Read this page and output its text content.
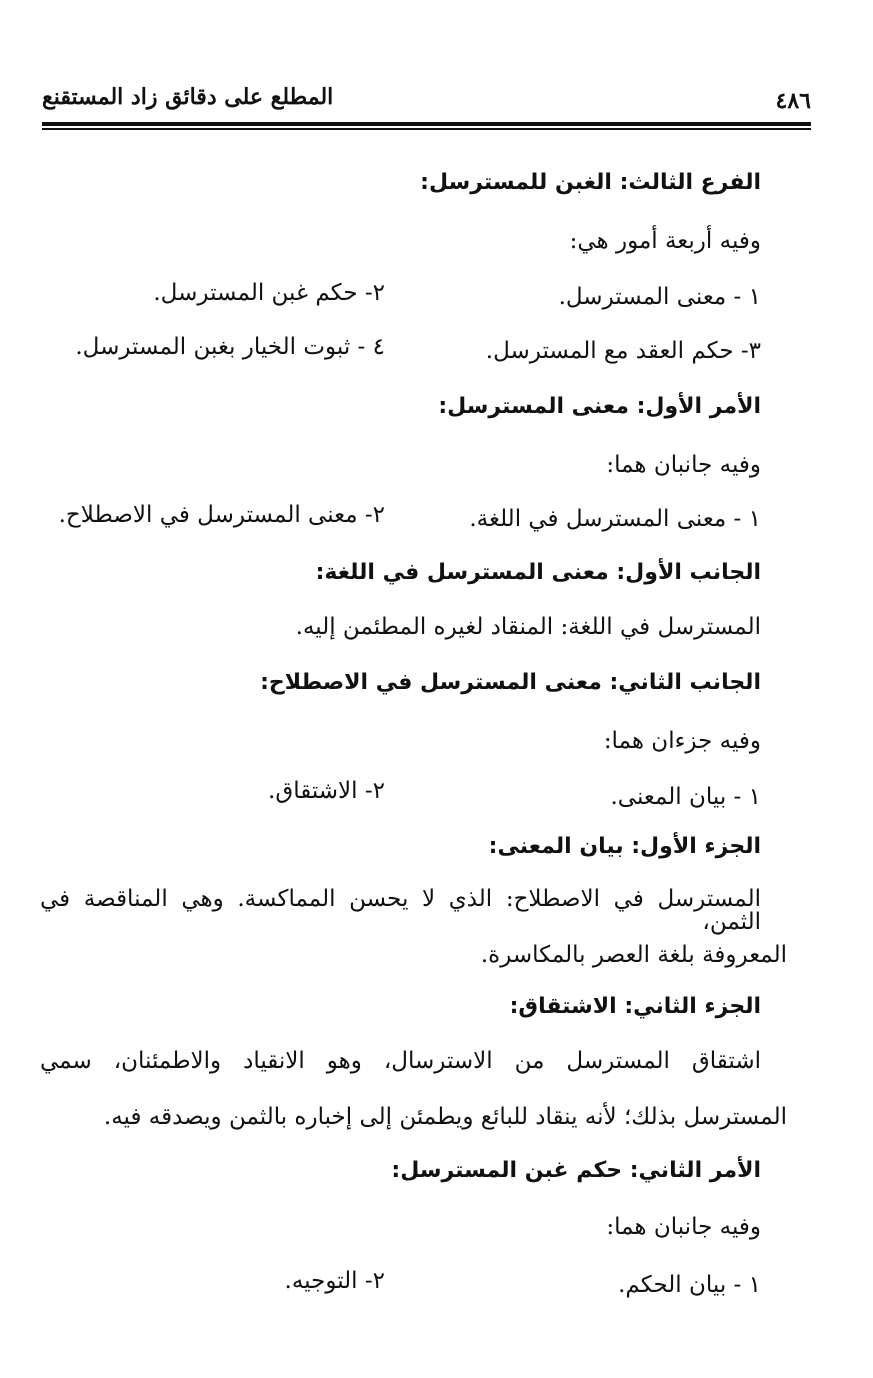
المطلع على دقائق زاد المستقنع	٤٨٦
الفرع الثالث: الغبن للمسترسل:
وفيه أربعة أمور هي:
١ - معنى المسترسل.
٢- حكم غبن المسترسل.
٣- حكم العقد مع المسترسل.
٤ - ثبوت الخيار بغبن المسترسل.
الأمر الأول: معنى المسترسل:
وفيه جانبان هما:
١ - معنى المسترسل في اللغة.
٢- معنى المسترسل في الاصطلاح.
الجانب الأول: معنى المسترسل في اللغة:
المسترسل في اللغة: المنقاد لغيره المطئمن إليه.
الجانب الثاني: معنى المسترسل في الاصطلاح:
وفيه جزءان هما:
١ - بيان المعنى.
٢- الاشتقاق.
الجزء الأول: بيان المعنى:
المسترسل في الاصطلاح: الذي لا يحسن المماكسة. وهي المناقصة في الثمن،
المعروفة بلغة العصر بالمكاسرة.
الجزء الثاني: الاشتقاق:
اشتقاق المسترسل من الاسترسال، وهو الانقياد والاطمئنان، سمي
المسترسل بذلك؛ لأنه ينقاد للبائع ويطمئن إلى إخباره بالثمن ويصدقه فيه.
الأمر الثاني: حكم غبن المسترسل:
وفيه جانبان هما:
١ - بيان الحكم.
٢- التوجيه.
